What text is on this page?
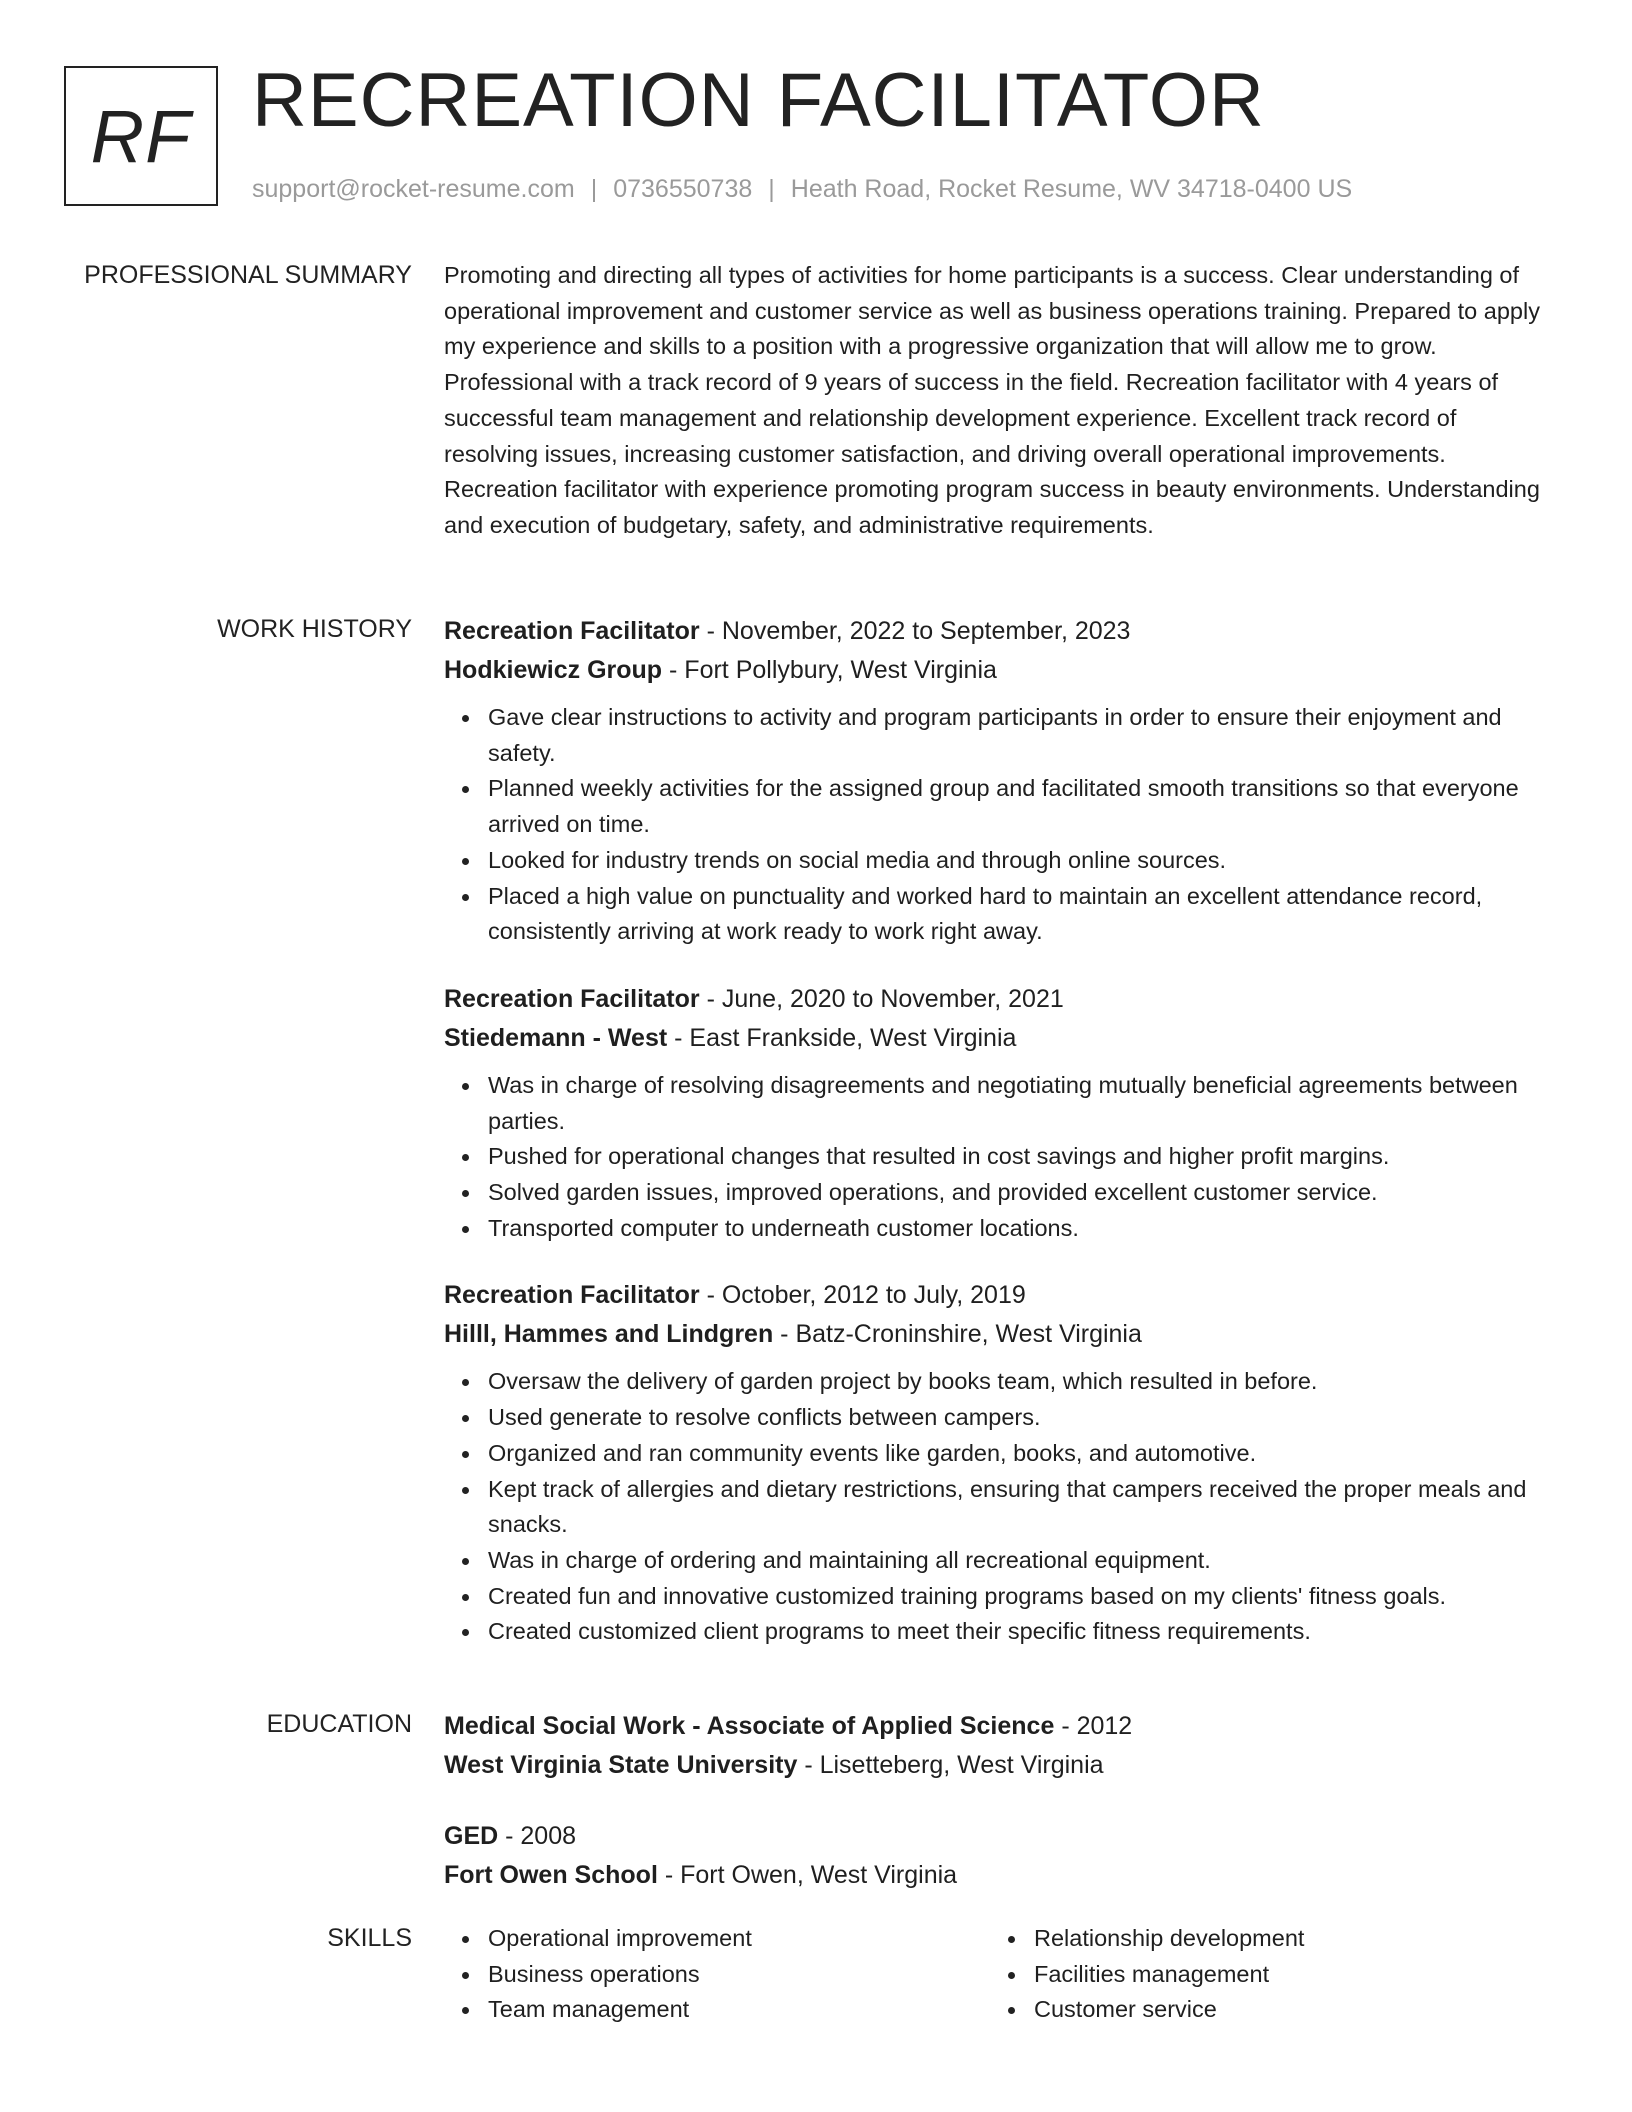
RF RECREATION FACILITATOR
support@rocket-resume.com | 0736550738 | Heath Road, Rocket Resume, WV 34718-0400 US
PROFESSIONAL SUMMARY Promoting and directing all types of activities for home participants is a success. Clear understanding of operational improvement and customer service as well as business operations training. Prepared to apply my experience and skills to a position with a progressive organization that will allow me to grow. Professional with a track record of 9 years of success in the field. Recreation facilitator with 4 years of successful team management and relationship development experience. Excellent track record of resolving issues, increasing customer satisfaction, and driving overall operational improvements. Recreation facilitator with experience promoting program success in beauty environments. Understanding and execution of budgetary, safety, and administrative requirements.

WORK HISTORY Recreation Facilitator - November, 2022 to September, 2023
Hodkiewicz Group - Fort Pollybury, West Virginia
Gave clear instructions to activity and program participants in order to ensure their enjoyment and safety.
Planned weekly activities for the assigned group and facilitated smooth transitions so that everyone arrived on time.
Looked for industry trends on social media and through online sources.
Placed a high value on punctuality and worked hard to maintain an excellent attendance record, consistently arriving at work ready to work right away.
Recreation Facilitator - June, 2020 to November, 2021
Stiedemann - West - East Frankside, West Virginia
Was in charge of resolving disagreements and negotiating mutually beneficial agreements between parties.
Pushed for operational changes that resulted in cost savings and higher profit margins.
Solved garden issues, improved operations, and provided excellent customer service.
Transported computer to underneath customer locations.
Recreation Facilitator - October, 2012 to July, 2019
Hilll, Hammes and Lindgren - Batz-Croninshire, West Virginia
Oversaw the delivery of garden project by books team, which resulted in before.
Used generate to resolve conflicts between campers.
Organized and ran community events like garden, books, and automotive.
Kept track of allergies and dietary restrictions, ensuring that campers received the proper meals and snacks.
Was in charge of ordering and maintaining all recreational equipment.
Created fun and innovative customized training programs based on my clients' fitness goals.
Created customized client programs to meet their specific fitness requirements.
EDUCATION Medical Social Work - Associate of Applied Science - 2012
West Virginia State University - Lisetteberg, West Virginia
GED - 2008
Fort Owen School - Fort Owen, West Virginia
SKILLS	Operational improvement
Business operations
Team management
Relationship development
Facilities management
Customer service
